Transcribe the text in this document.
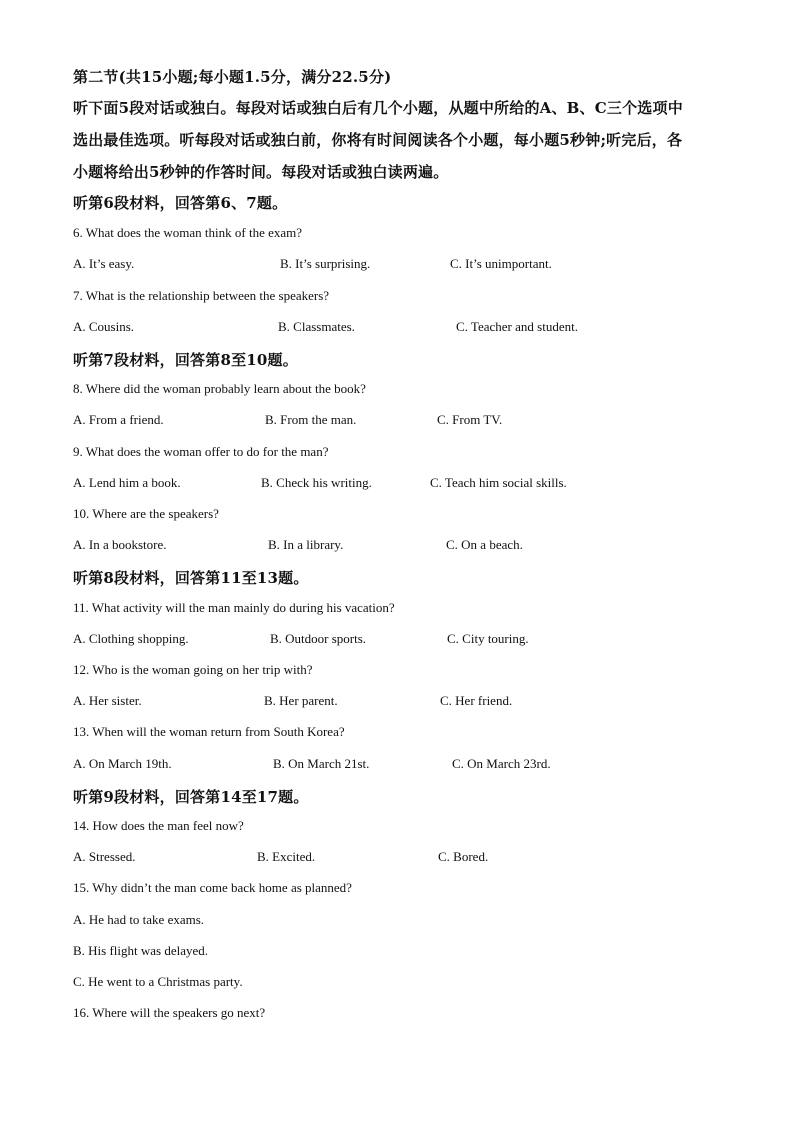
第二节(共15小题;每小题1.5分，满分22.5分)
听下面5段对话或独白。每段对话或独白后有几个小题，从题中所给的A、B、C三个选项中
选出最佳选项。听每段对话或独白前，你将有时间阅读各个小题，每小题5秒钟;听完后，各
小题将给出5秒钟的作答时间。每段对话或独白读两遍。
听第6段材料，回答第6、7题。
6. What does the woman think of the exam?
A. It’s easy.	B. It’s surprising.	C. It’s unimportant.
7. What is the relationship between the speakers?
A. Cousins.	B. Classmates.	C. Teacher and student.
听第7段材料，回答第8至10题。
8. Where did the woman probably learn about the book?
A. From a friend.	B. From the man.	C. From TV.
9. What does the woman offer to do for the man?
A. Lend him a book.	B. Check his writing.	C. Teach him social skills.
10. Where are the speakers?
A. In a bookstore.	B. In a library.	C. On a beach.
听第8段材料，回答第11至13题。
11. What activity will the man mainly do during his vacation?
A. Clothing shopping.	B. Outdoor sports.	C. City touring.
12. Who is the woman going on her trip with?
A. Her sister.	B. Her parent.	C. Her friend.
13. When will the woman return from South Korea?
A. On March 19th.	B. On March 21st.	C. On March 23rd.
听第9段材料，回答第14至17题。
14. How does the man feel now?
A. Stressed.	B. Excited.	C. Bored.
15. Why didn’t the man come back home as planned?
A. He had to take exams.
B. His flight was delayed.
C. He went to a Christmas party.
16. Where will the speakers go next?
